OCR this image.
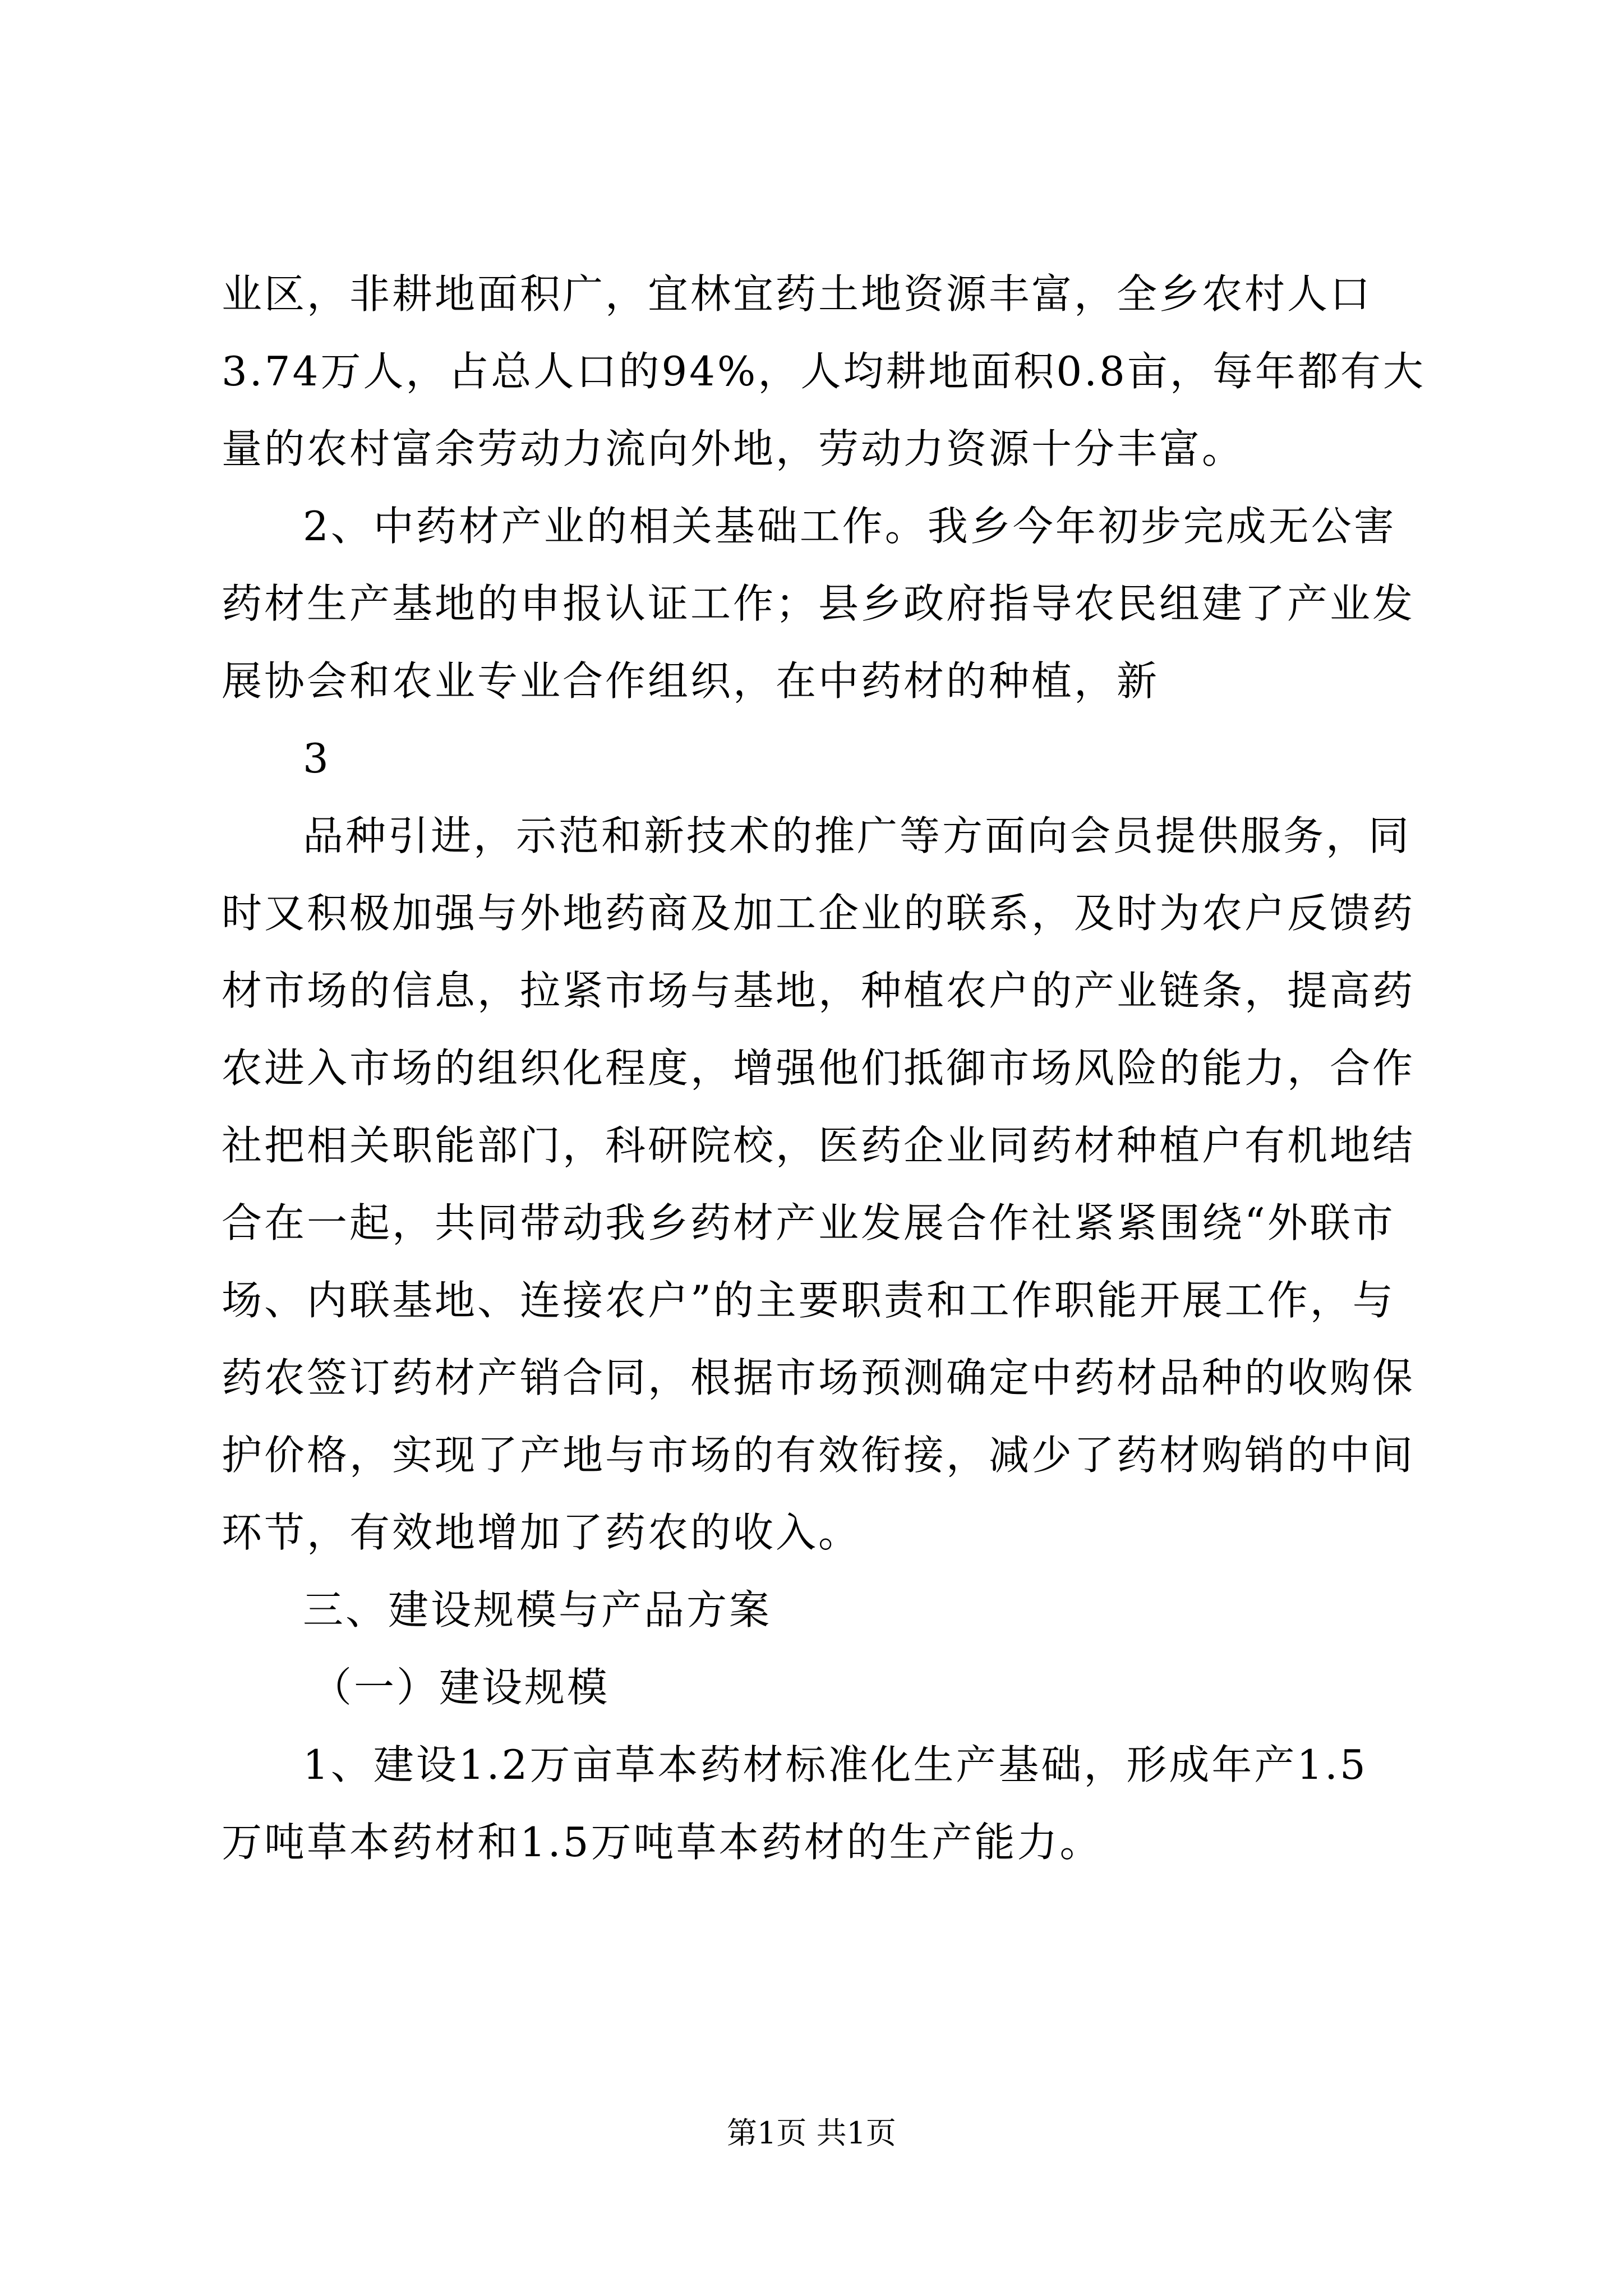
业区，非耕地面积广，宜林宜药土地资源丰富，全乡农村人口
3.74万人，占总人口的94%，人均耕地面积0.8亩，每年都有大
量的农村富余劳动力流向外地，劳动力资源十分丰富。
2、中药材产业的相关基础工作。我乡今年初步完成无公害
药材生产基地的申报认证工作；县乡政府指导农民组建了产业发
展协会和农业专业合作组织，在中药材的种植，新
3
品种引进，示范和新技术的推广等方面向会员提供服务，同
时又积极加强与外地药商及加工企业的联系，及时为农户反馈药
材市场的信息，拉紧市场与基地，种植农户的产业链条，提高药
农进入市场的组织化程度，增强他们抵御市场风险的能力，合作
社把相关职能部门，科研院校，医药企业同药材种植户有机地结
合在一起，共同带动我乡药材产业发展合作社紧紧围绕“外联市
场、内联基地、连接农户”的主要职责和工作职能开展工作，与
药农签订药材产销合同，根据市场预测确定中药材品种的收购保
护价格，实现了产地与市场的有效衔接，减少了药材购销的中间
环节，有效地增加了药农的收入。
三、建设规模与产品方案
（一）建设规模
1、建设1.2万亩草本药材标准化生产基础，形成年产1.5
万吨草本药材和1.5万吨草本药材的生产能力。
第1页 共1页
